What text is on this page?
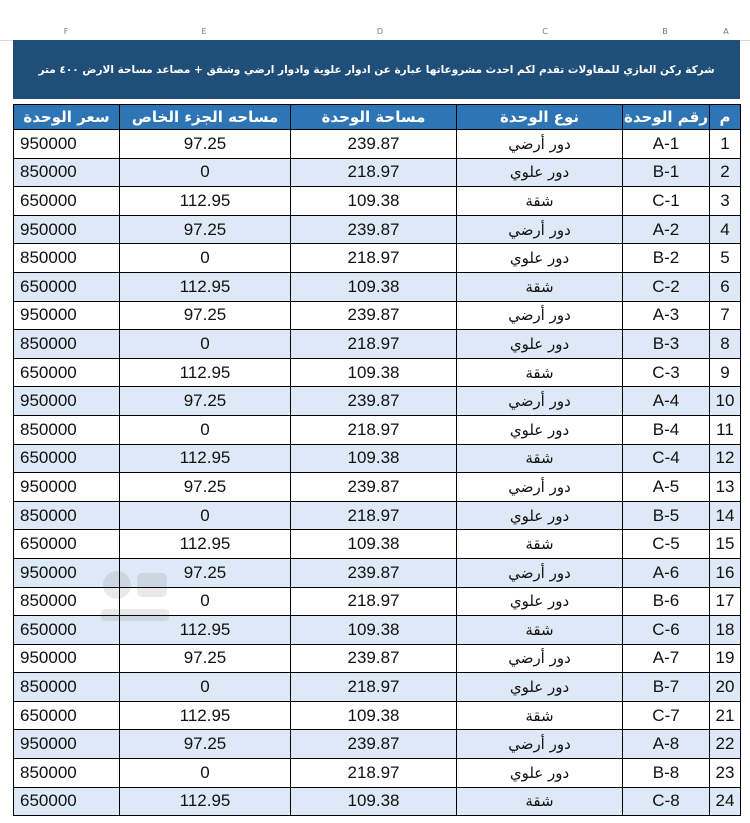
F	E	D	C	B	A
شركة ركن الغازي للمقاولات تقدم لكم احدث مشروعاتها عبارة عن ادوار علوية وادوار ارضي وشقق + مصاعد مساحة الارض ٤٠٠ متر
سعر الوحدة	مساحه الجزء الخاص	مساحة الوحدة	نوع الوحدة	رقم الوحدة	م
950000	97.25	239.87	دور أرضي	A-1	1
850000	0	218.97	دور علوي	B-1	2
650000	112.95	109.38	شقة	C-1	3
950000	97.25	239.87	دور أرضي	A-2	4
850000	0	218.97	دور علوي	B-2	5
650000	112.95	109.38	شقة	C-2	6
950000	97.25	239.87	دور أرضي	A-3	7
850000	0	218.97	دور علوي	B-3	8
650000	112.95	109.38	شقة	C-3	9
950000	97.25	239.87	دور أرضي	A-4	10
850000	0	218.97	دور علوي	B-4	11
650000	112.95	109.38	شقة	C-4	12
950000	97.25	239.87	دور أرضي	A-5	13
850000	0	218.97	دور علوي	B-5	14
650000	112.95	109.38	شقة	C-5	15
950000	97.25	239.87	دور أرضي	A-6	16
850000	0	218.97	دور علوي	B-6	17
650000	112.95	109.38	شقة	C-6	18
950000	97.25	239.87	دور أرضي	A-7	19
850000	0	218.97	دور علوي	B-7	20
650000	112.95	109.38	شقة	C-7	21
950000	97.25	239.87	دور أرضي	A-8	22
850000	0	218.97	دور علوي	B-8	23
650000	112.95	109.38	شقة	C-8	24
